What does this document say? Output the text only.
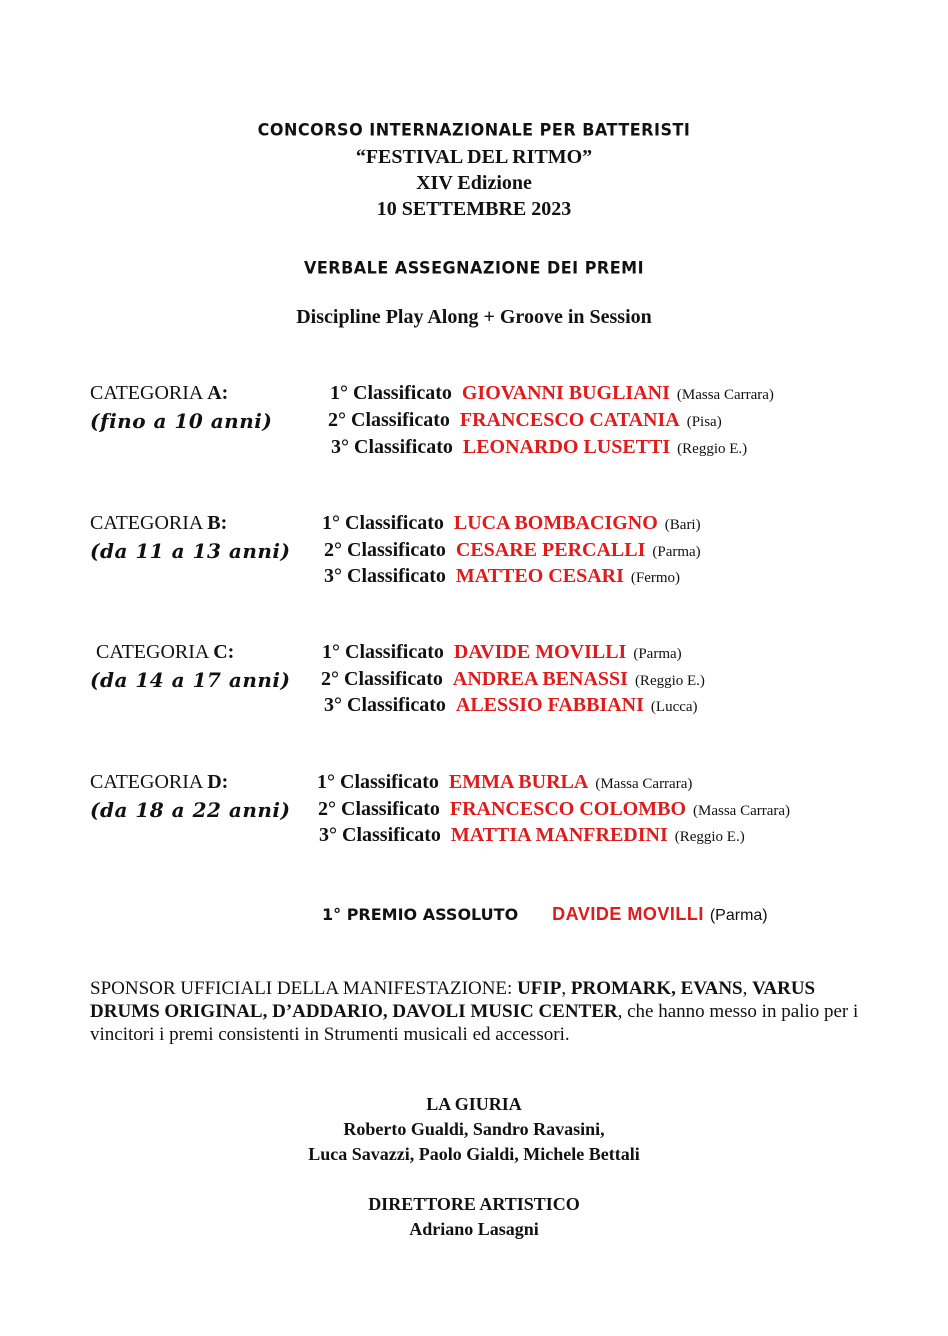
CONCORSO INTERNAZIONALE PER BATTERISTI
“FESTIVAL DEL RITMO”
XIV Edizione
10 SETTEMBRE 2023
VERBALE ASSEGNAZIONE DEI PREMI
Discipline Play Along + Groove in Session
CATEGORIA A:
(fino a 10 anni)
1° Classificato GIOVANNI BUGLIANI (Massa Carrara)
2° Classificato FRANCESCO CATANIA (Pisa)
3° Classificato LEONARDO LUSETTI (Reggio E.)
CATEGORIA B:
(da 11 a 13 anni)
1° Classificato LUCA BOMBACIGNO (Bari)
2° Classificato CESARE PERCALLI (Parma)
3° Classificato MATTEO CESARI (Fermo)
CATEGORIA C:
(da 14 a 17 anni)
1° Classificato DAVIDE MOVILLI (Parma)
2° Classificato ANDREA BENASSI (Reggio E.)
3° Classificato ALESSIO FABBIANI (Lucca)
CATEGORIA D:
(da 18 a 22 anni)
1° Classificato EMMA BURLA (Massa Carrara)
2° Classificato FRANCESCO COLOMBO (Massa Carrara)
3° Classificato MATTIA MANFREDINI (Reggio E.)
1° PREMIO ASSOLUTO DAVIDE MOVILLI (Parma)
SPONSOR UFFICIALI DELLA MANIFESTAZIONE: UFIP, PROMARK, EVANS, VARUS DRUMS ORIGINAL, D’ADDARIO, DAVOLI MUSIC CENTER, che hanno messo in palio per i vincitori i premi consistenti in Strumenti musicali ed accessori.
LA GIURIA
Roberto Gualdi, Sandro Ravasini,
Luca Savazzi, Paolo Gialdi, Michele Bettali
DIRETTORE ARTISTICO
Adriano Lasagni
